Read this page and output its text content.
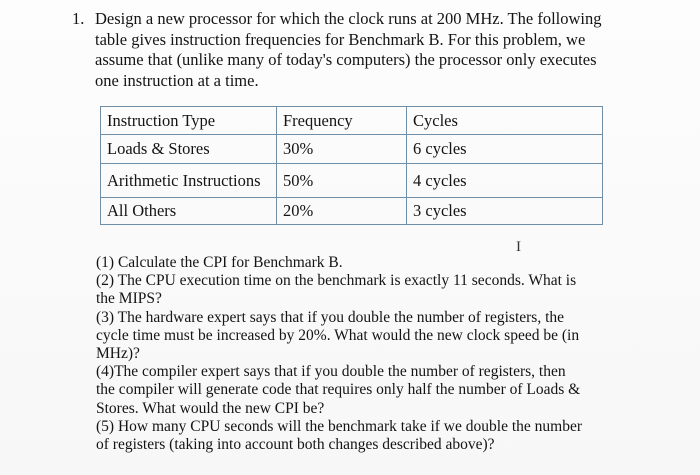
1. Design a new processor for which the clock runs at 200 MHz. The following

table gives instruction frequencies for Benchmark B. For this problem, we

assume that (unlike many of today's computers) the processor only executes

one instruction at a time.

Instruction Type	Frequency	Cycles
Loads & Stores	30%	6 cycles
Arithmetic Instructions	50%	4 cycles
All Others	20%	3 cycles
I

(1) Calculate the CPI for Benchmark B.

(2) The CPU execution time on the benchmark is exactly 11 seconds. What is

the MIPS?

(3) The hardware expert says that if you double the number of registers, the

cycle time must be increased by 20%. What would the new clock speed be (in

MHz)?

(4)The compiler expert says that if you double the number of registers, then

the compiler will generate code that requires only half the number of Loads &

Stores. What would the new CPI be?

(5) How many CPU seconds will the benchmark take if we double the number

of registers (taking into account both changes described above)?
